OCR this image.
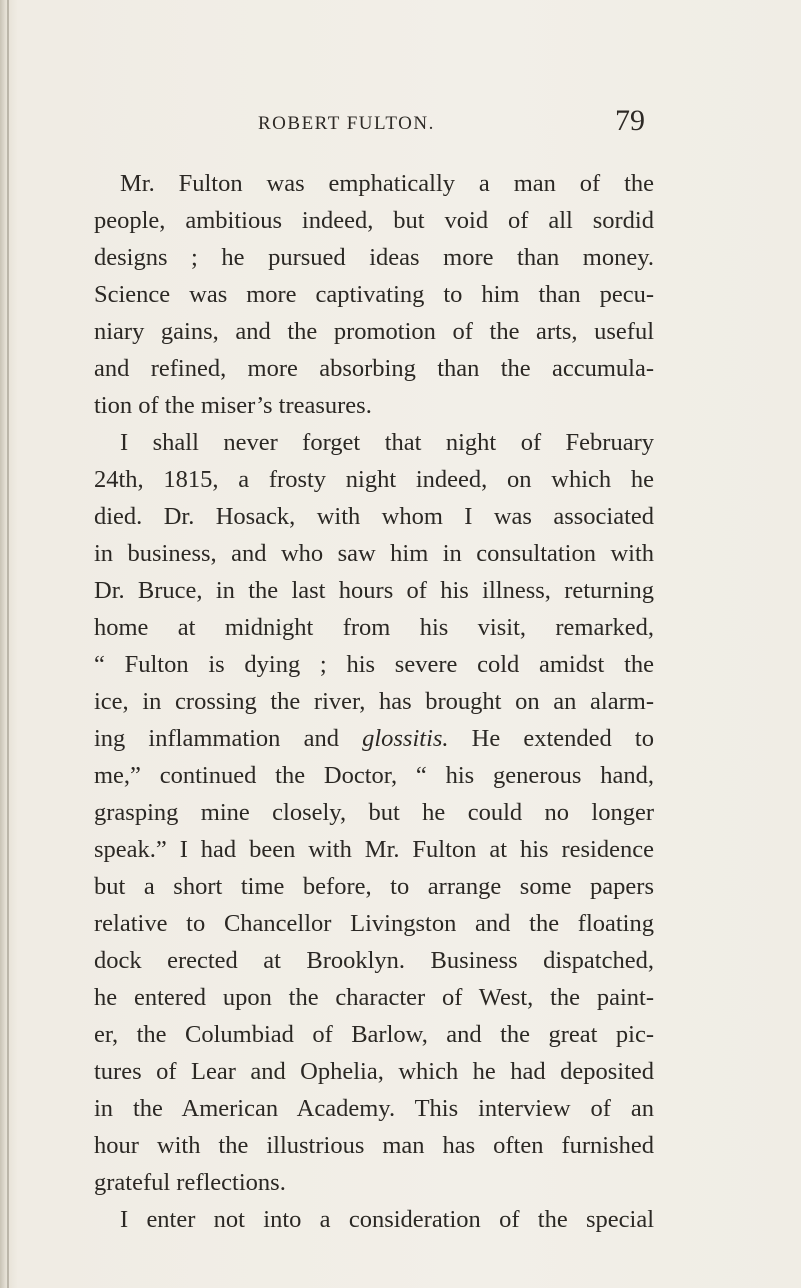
ROBERT FULTON.	79
Mr. Fulton was emphatically a man of the
people, ambitious indeed, but void of all sordid
designs ; he pursued ideas more than money.
Science was more captivating to him than pecu-
niary gains, and the promotion of the arts, useful
and refined, more absorbing than the accumula-
tion of the miser’s treasures.
I shall never forget that night of February
24th, 1815, a frosty night indeed, on which he
died. Dr. Hosack, with whom I was associated
in business, and who saw him in consultation with
Dr. Bruce, in the last hours of his illness, returning
home at midnight from his visit, remarked,
“ Fulton is dying ; his severe cold amidst the
ice, in crossing the river, has brought on an alarm-
ing inflammation and glossitis. He extended to
me,” continued the Doctor, “ his generous hand,
grasping mine closely, but he could no longer
speak.” I had been with Mr. Fulton at his residence
but a short time before, to arrange some papers
relative to Chancellor Livingston and the floating
dock erected at Brooklyn. Business dispatched,
he entered upon the character of West, the paint-
er, the Columbiad of Barlow, and the great pic-
tures of Lear and Ophelia, which he had deposited
in the American Academy. This interview of an
hour with the illustrious man has often furnished
grateful reflections.
I enter not into a consideration of the special
